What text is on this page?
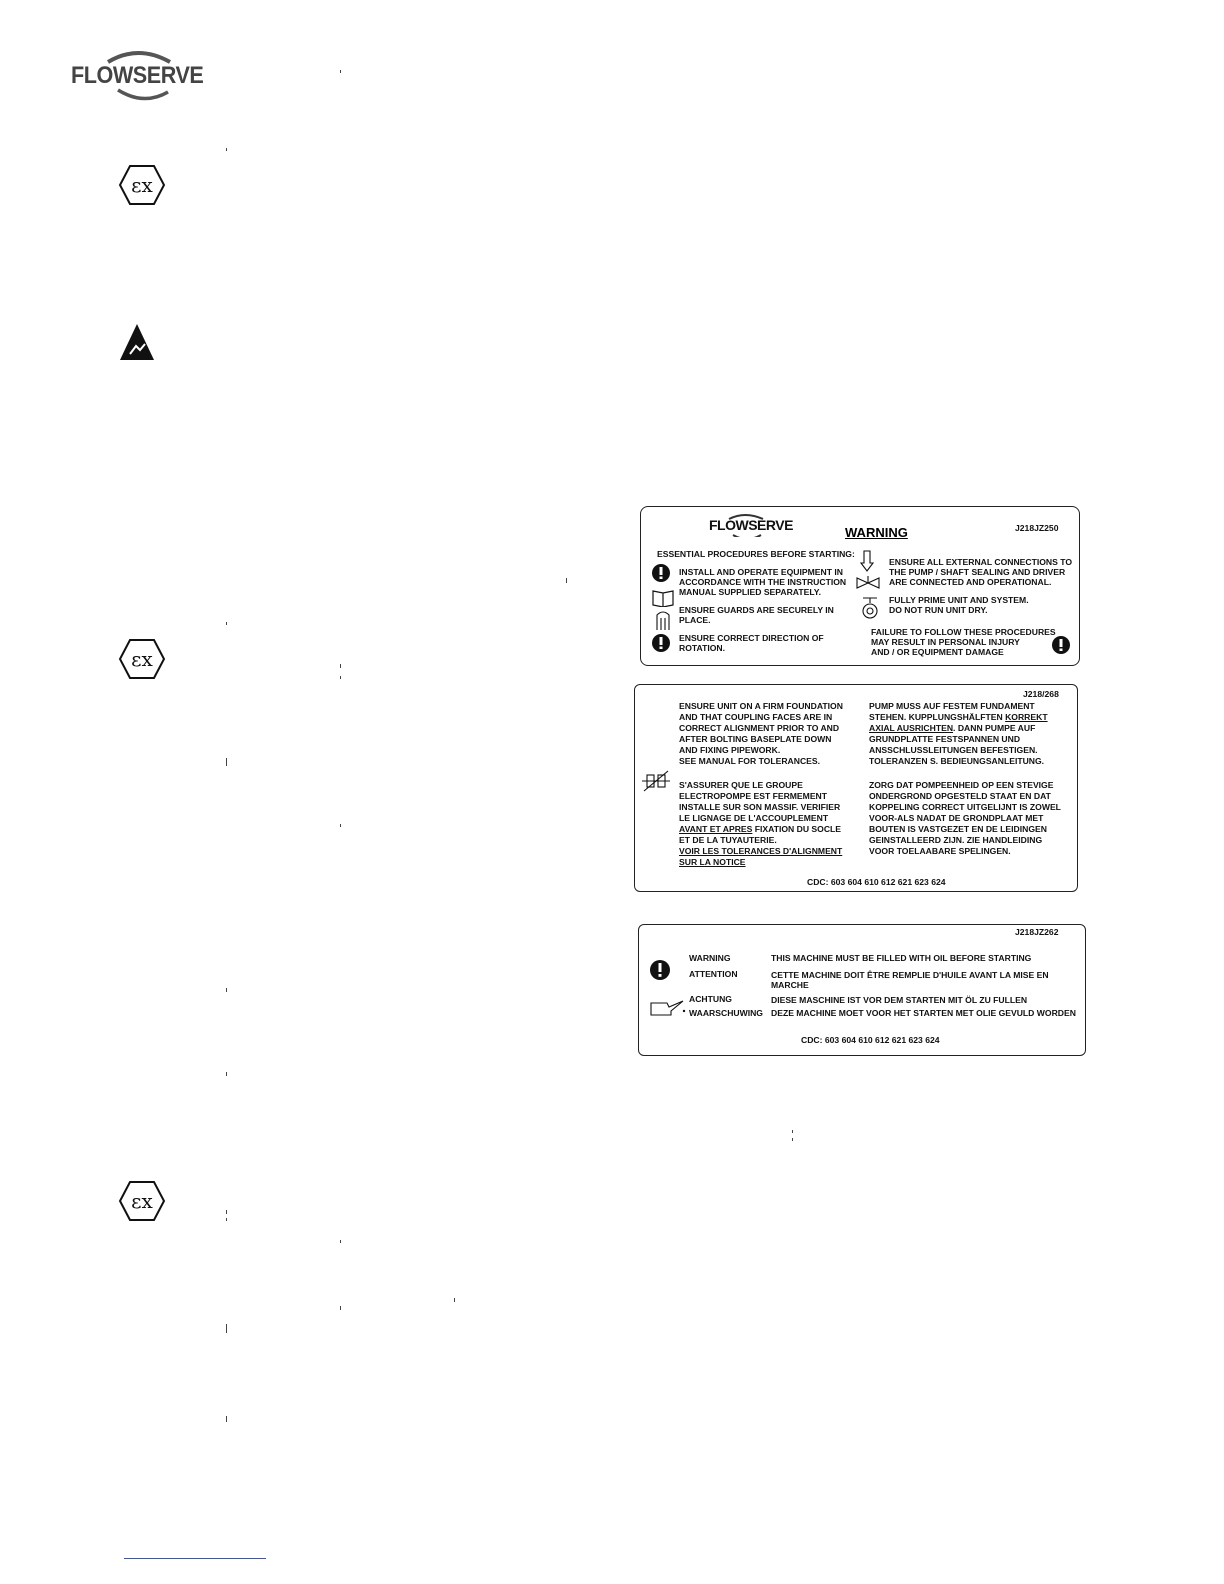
FLOWSERVE
εx
εx
εx
FLOWSERVE	WARNING	J218JZ250
ESSENTIAL PROCEDURES BEFORE STARTING:
INSTALL AND OPERATE EQUIPMENT IN
ACCORDANCE WITH THE INSTRUCTION
MANUAL SUPPLIED SEPARATELY.
ENSURE GUARDS ARE SECURELY IN
PLACE.
ENSURE CORRECT DIRECTION OF
ROTATION.
ENSURE ALL EXTERNAL CONNECTIONS TO
THE PUMP / SHAFT SEALING AND DRIVER
ARE CONNECTED AND OPERATIONAL.
FULLY PRIME UNIT AND SYSTEM.
DO NOT RUN UNIT DRY.
FAILURE TO FOLLOW THESE PROCEDURES
MAY RESULT IN PERSONAL INJURY
AND / OR EQUIPMENT DAMAGE
J218/268
ENSURE UNIT ON A FIRM FOUNDATION
AND THAT COUPLING FACES ARE IN
CORRECT ALIGNMENT PRIOR TO AND
AFTER BOLTING BASEPLATE DOWN
AND FIXING PIPEWORK.
SEE MANUAL FOR TOLERANCES.
PUMP MUSS AUF FESTEM FUNDAMENT
STEHEN. KUPPLUNGSHÄLFTEN KORREKT
AXIAL AUSRICHTEN. DANN PUMPE AUF
GRUNDPLATTE FESTSPANNEN UND
ANSSCHLUSSLEITUNGEN BEFESTIGEN.
TOLERANZEN S. BEDIEUNGSANLEITUNG.
S'ASSURER QUE LE GROUPE
ELECTROPOMPE EST FERMEMENT
INSTALLE SUR SON MASSIF. VERIFIER
LE LIGNAGE DE L'ACCOUPLEMENT
AVANT ET APRES FIXATION DU SOCLE
ET DE LA TUYAUTERIE.
VOIR LES TOLERANCES D'ALIGNMENT
SUR LA NOTICE
ZORG DAT POMPEENHEID OP EEN STEVIGE
ONDERGROND OPGESTELD STAAT EN DAT
KOPPELING CORRECT UITGELIJNT IS ZOWEL
VOOR-ALS NADAT DE GRONDPLAAT MET
BOUTEN IS VASTGEZET EN DE LEIDINGEN
GEINSTALLEERD ZIJN. ZIE HANDLEIDING
VOOR TOELAABARE SPELINGEN.
CDC: 603 604 610 612 621 623 624
J218JZ262
WARNING	THIS MACHINE MUST BE FILLED WITH OIL BEFORE STARTING
ATTENTION	CETTE MACHINE DOIT ÊTRE REMPLIE D'HUILE AVANT LA MISE EN
MARCHE
ACHTUNG	DIESE MASCHINE IST VOR DEM STARTEN MIT ÖL ZU FULLEN
WAARSCHUWING DEZE MACHINE MOET VOOR HET STARTEN MET OLIE GEVULD WORDEN
CDC: 603 604 610 612 621 623 624
